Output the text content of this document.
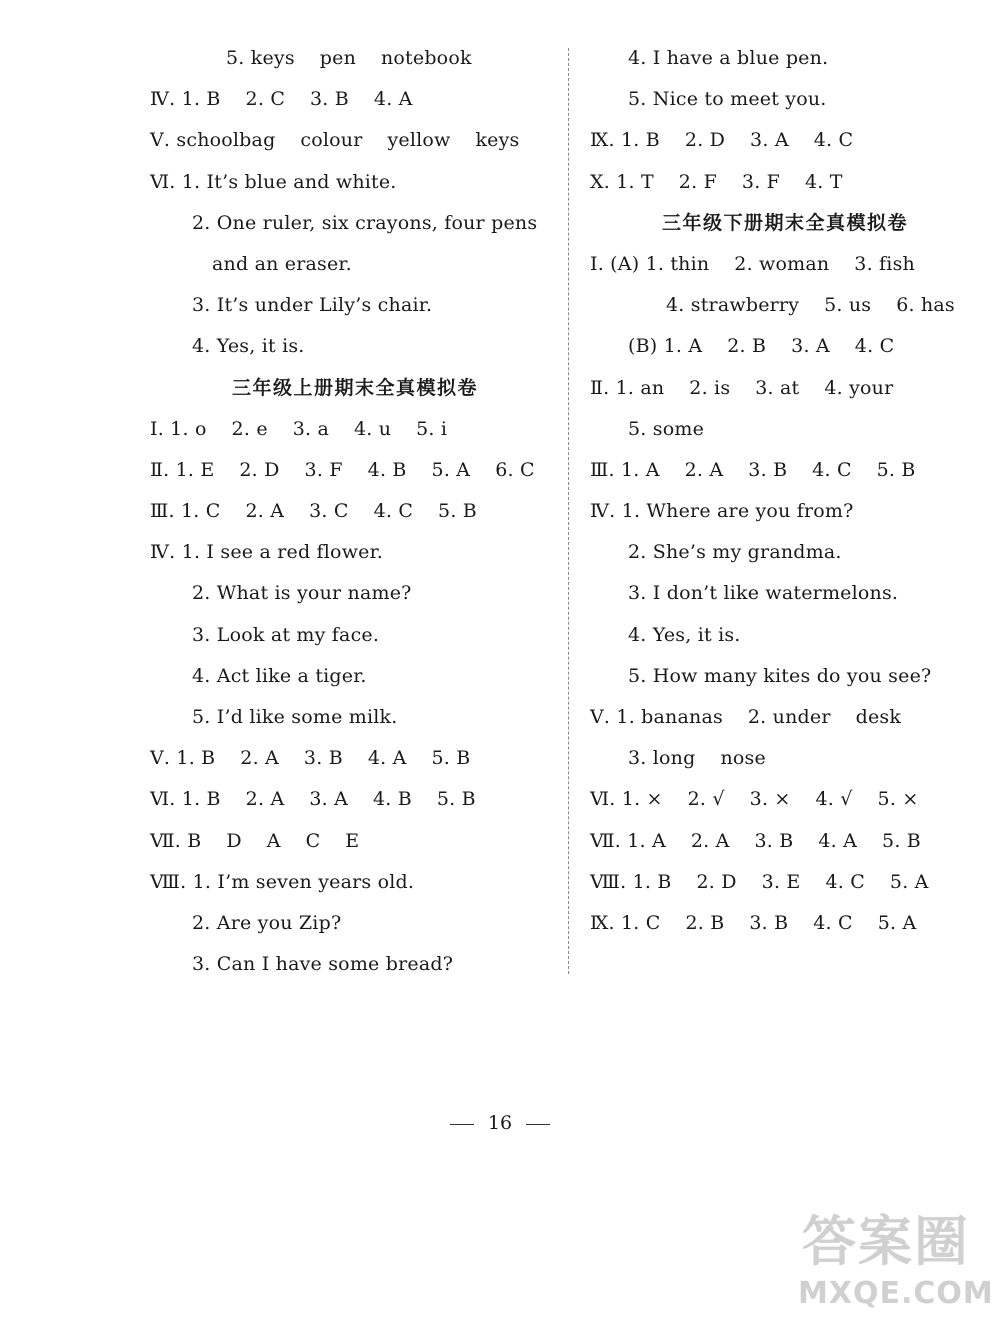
5. keys    pen    notebook
Ⅳ. 1. B    2. C    3. B    4. A
Ⅴ. schoolbag    colour    yellow    keys
Ⅵ. 1. It’s blue and white.
2. One ruler, six crayons, four pens
and an eraser.
3. It’s under Lily’s chair.
4. Yes, it is.
三年级上册期末全真模拟卷
Ⅰ. 1. o    2. e    3. a    4. u    5. i
Ⅱ. 1. E    2. D    3. F    4. B    5. A    6. C
Ⅲ. 1. C    2. A    3. C    4. C    5. B
Ⅳ. 1. I see a red flower.
2. What is your name?
3. Look at my face.
4. Act like a tiger.
5. I’d like some milk.
Ⅴ. 1. B    2. A    3. B    4. A    5. B
Ⅵ. 1. B    2. A    3. A    4. B    5. B
Ⅶ. B    D    A    C    E
Ⅷ. 1. I’m seven years old.
2. Are you Zip?
3. Can I have some bread?
4. I have a blue pen.
5. Nice to meet you.
Ⅸ. 1. B    2. D    3. A    4. C
Ⅹ. 1. T    2. F    3. F    4. T
三年级下册期末全真模拟卷
Ⅰ. (A) 1. thin    2. woman    3. fish
4. strawberry    5. us    6. has
(B) 1. A    2. B    3. A    4. C
Ⅱ. 1. an    2. is    3. at    4. your
5. some
Ⅲ. 1. A    2. A    3. B    4. C    5. B
Ⅳ. 1. Where are you from?
2. She’s my grandma.
3. I don’t like watermelons.
4. Yes, it is.
5. How many kites do you see?
Ⅴ. 1. bananas    2. under    desk
3. long    nose
Ⅵ. 1. ×    2. √    3. ×    4. √    5. ×
Ⅶ. 1. A    2. A    3. B    4. A    5. B
Ⅷ. 1. B    2. D    3. E    4. C    5. A
Ⅸ. 1. C    2. B    3. B    4. C    5. A
16
答案圈
MXQE.COM
